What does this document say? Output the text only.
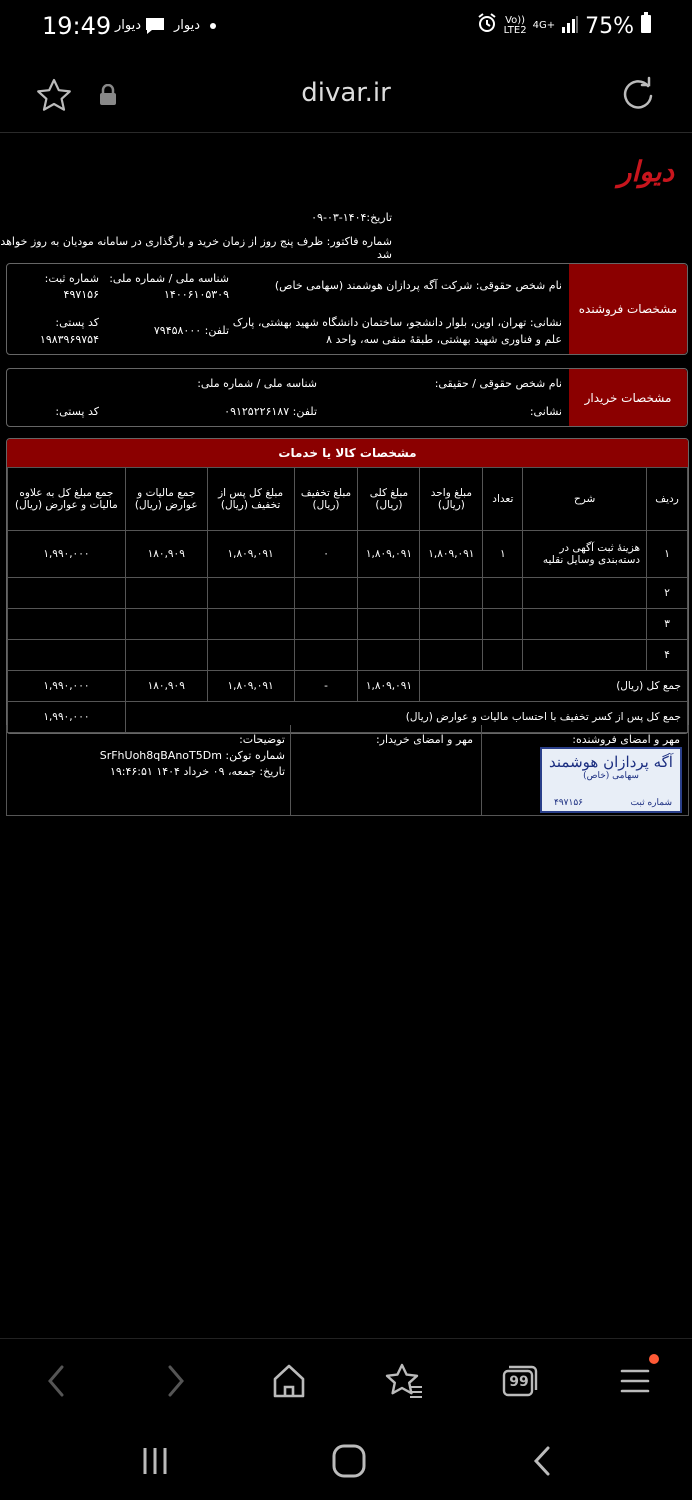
19:49 دیوار	دیوار	Vo))
LTE2 4G+ 75%
divar.ir
دیوار
تاریخ:۱۴۰۴-۰۳-۰۹
شماره فاکتور: ظرف پنج روز از زمان خرید و بارگذاری در سامانه مودیان به روز خواهد شد
مشخصات فروشنده
نام شخص حقوقی: شرکت آگه پردازان هوشمند (سهامی خاص)
شناسه ملی / شماره ملی:
۱۴۰۰۶۱۰۵۳۰۹
شماره ثبت:
۴۹۷۱۵۶
نشانی: تهران، اوین، بلوار دانشجو، ساختمان دانشگاه شهید بهشتی، پارک
علم و فناوری شهید بهشتی، طبقهٔ منفی سه، واحد ۸
تلفن: ۷۹۴۵۸۰۰۰
کد پستی:
۱۹۸۳۹۶۹۷۵۴
مشخصات خریدار
نام شخص حقوقی / حقیقی:
شناسه ملی / شماره ملی:
نشانی:
تلفن: ۰۹۱۲۵۲۲۶۱۸۷
کد پستی:
مشخصات کالا یا خدمات
ردیف	شرح	تعداد	مبلغ واحد (ریال)	مبلغ کلی (ریال)	مبلغ تخفیف (ریال)	مبلغ کل پس از تخفیف (ریال)	جمع مالیات و عوارض (ریال)	جمع مبلغ کل به علاوه مالیات و عوارض (ریال)
۱	هزینهٔ ثبت آگهی در دسته‌بندی وسایل نقلیه	۱	۱,۸۰۹,۰۹۱	۱,۸۰۹,۰۹۱	۰	۱,۸۰۹,۰۹۱	۱۸۰,۹۰۹	۱,۹۹۰,۰۰۰
۲								
۳								
۴								
جمع کل (ریال)				۱,۸۰۹,۰۹۱	-	۱,۸۰۹,۰۹۱	۱۸۰,۹۰۹	۱,۹۹۰,۰۰۰
جمع کل پس از کسر تخفیف با احتساب مالیات و عوارض (ریال)								۱,۹۹۰,۰۰۰
مهر و امضای فروشنده:
آگه پردازان هوشمند
سهامی (خاص)
شماره ثبت
۴۹۷۱۵۶
مهر و امضای خریدار:
توضیحات:
شماره توکن: SrFhUoh8qBAnoT5Dm
تاریخ: جمعه، ۰۹ خرداد ۱۴۰۴ ۱۹:۴۶:۵۱
99
